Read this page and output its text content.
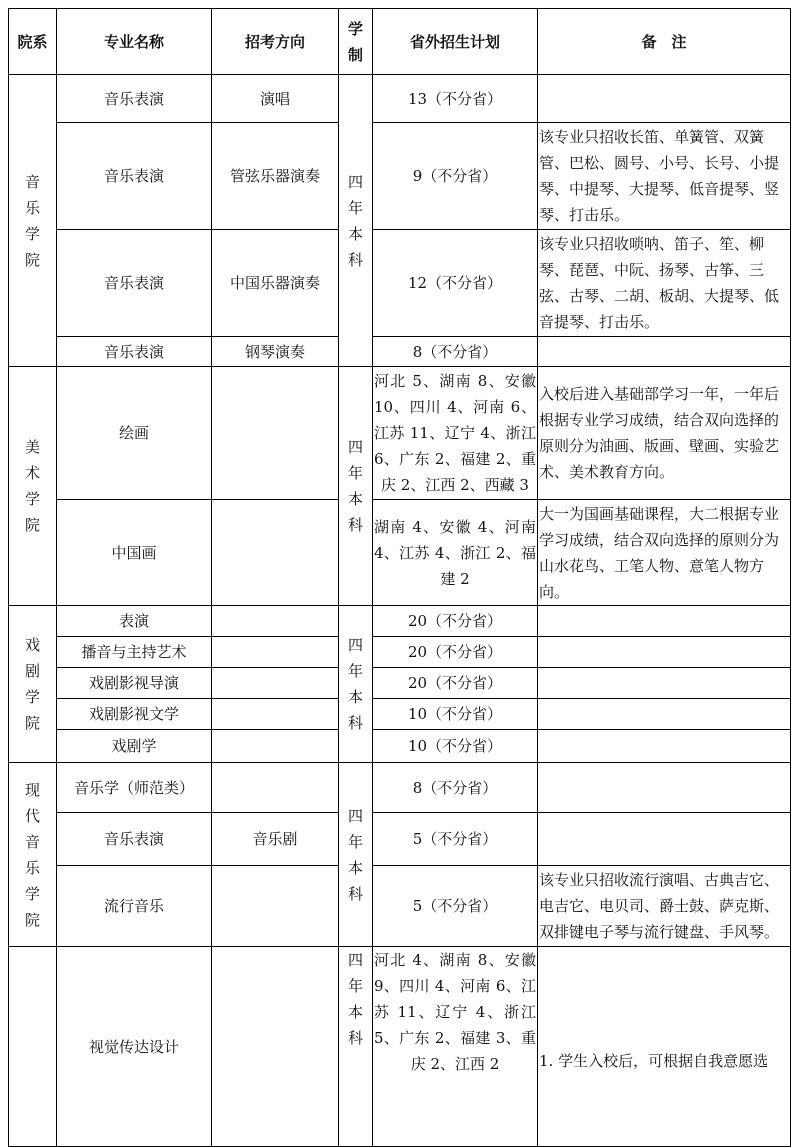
院系	专业名称	招考方向	学制	省外招生计划	备　注
音乐学院	音乐表演	演唱	四年本科	13（不分省）	
	音乐表演	管弦乐器演奏		9（不分省）	该专业只招收长笛、单簧管、双簧管、巴松、圆号、小号、长号、小提琴、中提琴、大提琴、低音提琴、竖琴、打击乐。
	音乐表演	中国乐器演奏		12（不分省）	该专业只招收唢呐、笛子、笙、柳琴、琵琶、中阮、扬琴、古筝、三弦、古琴、二胡、板胡、大提琴、低音提琴、打击乐。
	音乐表演	钢琴演奏		8（不分省）	
美术学院	绘画		四年本科	河北 5、湖南 8、安徽 10、四川 4、河南 6、江苏 11、辽宁 4、浙江 6、广东 2、福建 2、重庆 2、江西 2、西藏 3	入校后进入基础部学习一年，一年后根据专业学习成绩，结合双向选择的原则分为油画、版画、壁画、实验艺术、美术教育方向。
	中国画			湖南 4、安徽 4、河南 4、江苏 4、浙江 2、福建 2	大一为国画基础课程，大二根据专业学习成绩，结合双向选择的原则分为山水花鸟、工笔人物、意笔人物方向。
戏剧学院	表演		四年本科	20（不分省）	
	播音与主持艺术			20（不分省）	
	戏剧影视导演			20（不分省）	
	戏剧影视文学			10（不分省）	
	戏剧学			10（不分省）	
现代音乐学院	音乐学（师范类）		四年本科	8（不分省）	
	音乐表演	音乐剧		5（不分省）	
	流行音乐			5（不分省）	该专业只招收流行演唱、古典吉它、电吉它、电贝司、爵士鼓、萨克斯、双排键电子琴与流行键盘、手风琴。
	视觉传达设计		四年本科	河北 4、湖南 8、安徽 9、四川 4、河南 6、江苏 11、辽宁 4、浙江 5、广东 2、福建 3、重庆 2、江西 2	1. 学生入校后，可根据自我意愿选
